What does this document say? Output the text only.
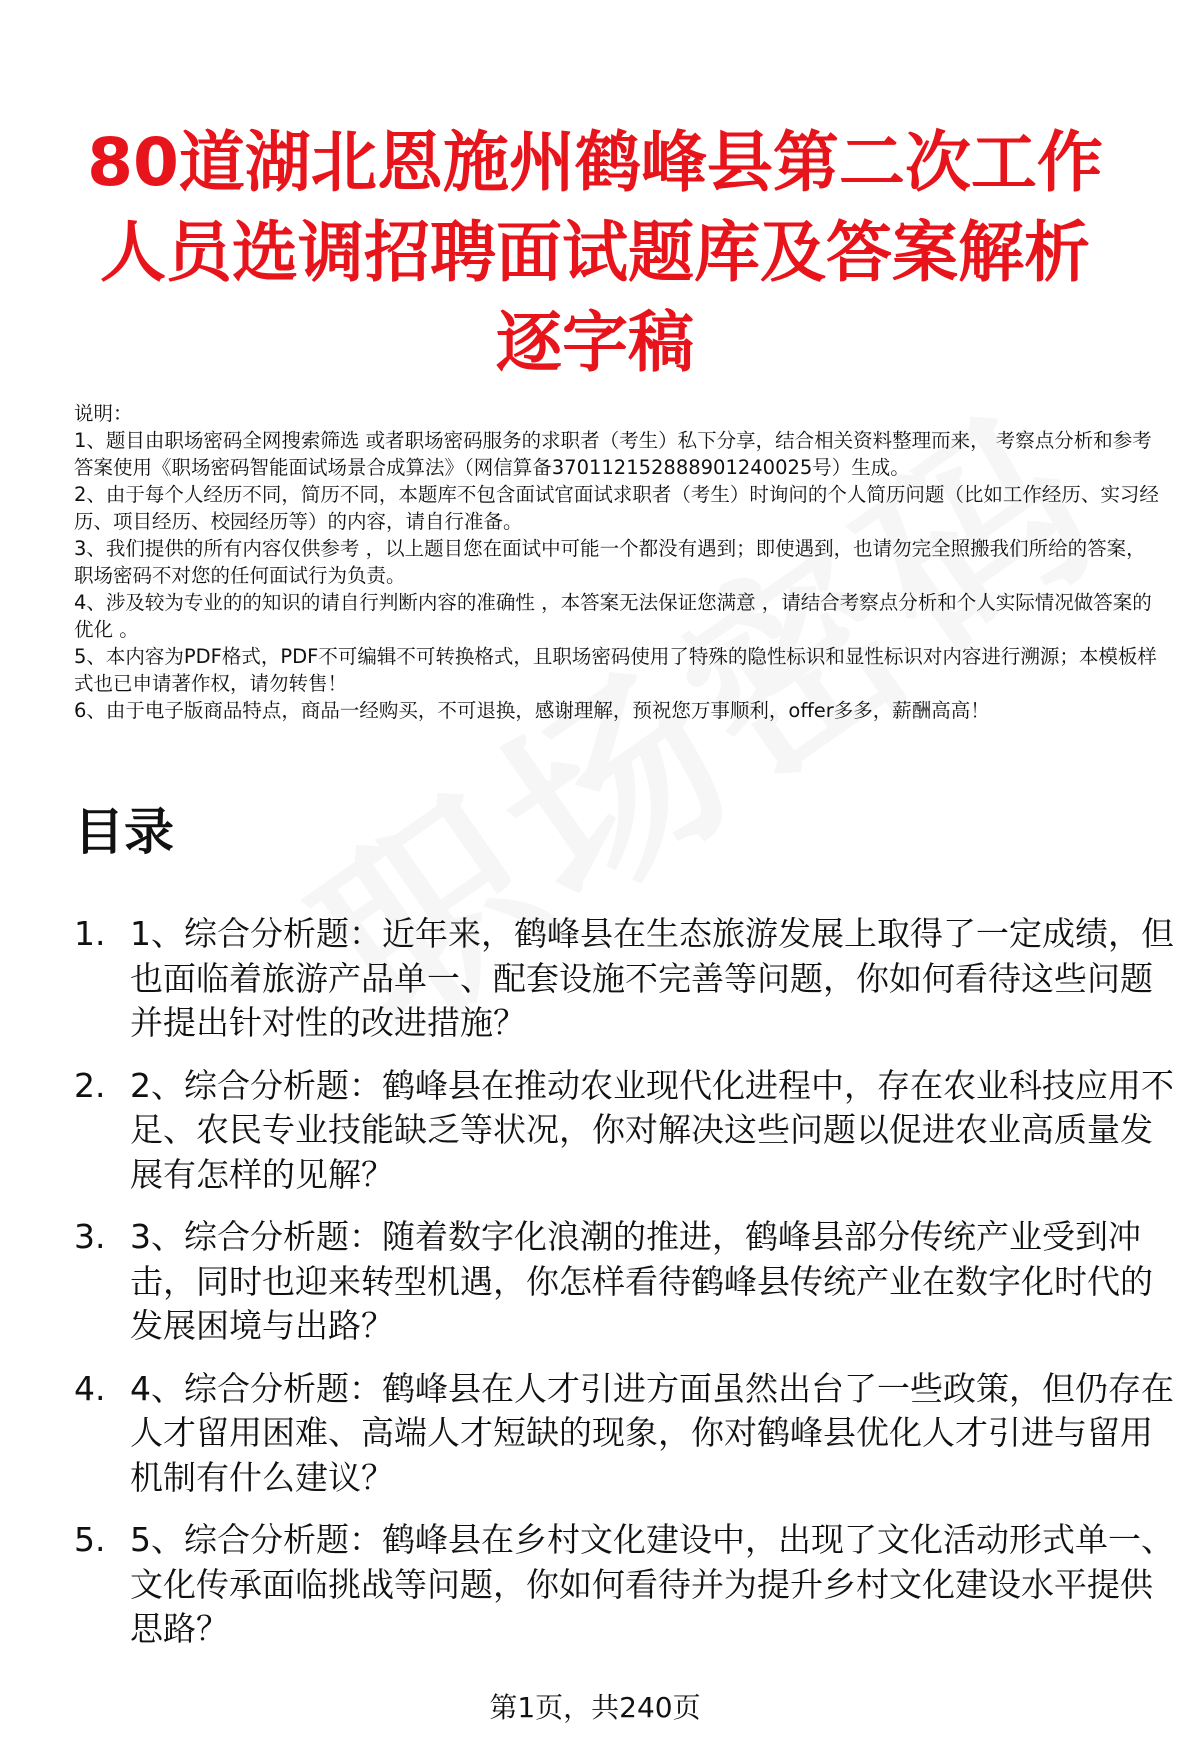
80道湖北恩施州鹤峰县第二次工作人员选调招聘面试题库及答案解析逐字稿

说明：

1、题目由职场密码全网搜索筛选 或者职场密码服务的求职者（考生）私下分享，结合相关资料整理而来， 考察点分析和参考答案使用《职场密码智能面试场景合成算法》（网信算备370112152888901240025号）生成。

2、由于每个人经历不同，简历不同，本题库不包含面试官面试求职者（考生）时询问的个人简历问题（比如工作经历、实习经历、项目经历、校园经历等）的内容，请自行准备。

3、我们提供的所有内容仅供参考 ，以上题目您在面试中可能一个都没有遇到；即使遇到，也请勿完全照搬我们所给的答案，职场密码不对您的任何面试行为负责。

4、涉及较为专业的的知识的请自行判断内容的准确性 ，本答案无法保证您满意 ，请结合考察点分析和个人实际情况做答案的优化 。

5、本内容为PDF格式，PDF不可编辑不可转换格式，且职场密码使用了特殊的隐性标识和显性标识对内容进行溯源；本模板样式也已申请著作权，请勿转售！

6、由于电子版商品特点，商品一经购买，不可退换，感谢理解，预祝您万事顺利，offer多多，薪酬高高！

目录
1. 1、综合分析题：近年来，鹤峰县在生态旅游发展上取得了一定成绩，但也面临着旅游产品单一、配套设施不完善等问题，你如何看待这些问题并提出针对性的改进措施？
2. 2、综合分析题：鹤峰县在推动农业现代化进程中，存在农业科技应用不足、农民专业技能缺乏等状况，你对解决这些问题以促进农业高质量发展有怎样的见解？
3. 3、综合分析题：随着数字化浪潮的推进，鹤峰县部分传统产业受到冲击，同时也迎来转型机遇，你怎样看待鹤峰县传统产业在数字化时代的发展困境与出路？
4. 4、综合分析题：鹤峰县在人才引进方面虽然出台了一些政策，但仍存在人才留用困难、高端人才短缺的现象，你对鹤峰县优化人才引进与留用机制有什么建议？
5. 5、综合分析题：鹤峰县在乡村文化建设中，出现了文化活动形式单一、文化传承面临挑战等问题，你如何看待并为提升乡村文化建设水平提供思路？
第1页，共240页
